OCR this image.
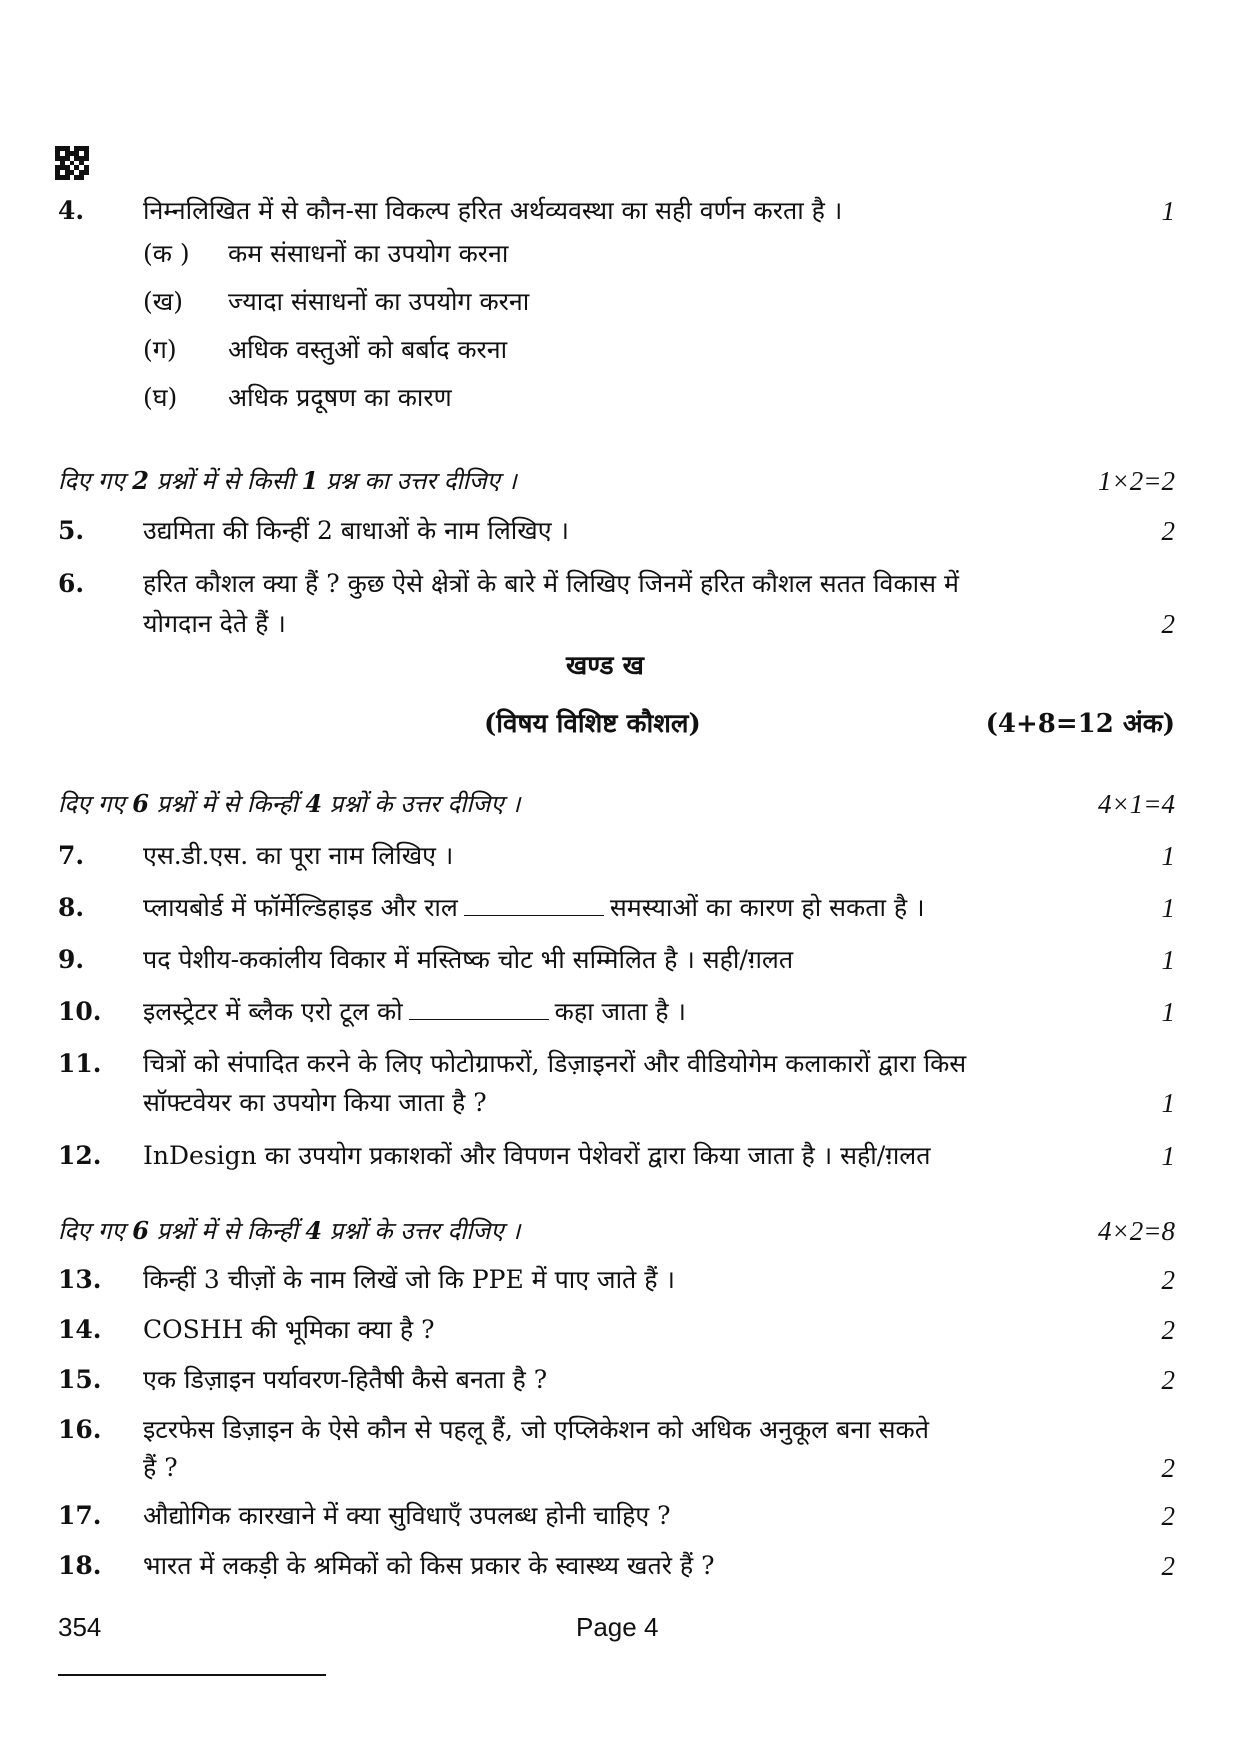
4. निम्नलिखित में से कौन-सा विकल्प हरित अर्थव्यवस्था का सही वर्णन करता है ।	1
(क ) कम संसाधनों का उपयोग करना
(ख) ज्यादा संसाधनों का उपयोग करना
(ग) अधिक वस्तुओं को बर्बाद करना
(घ) अधिक प्रदूषण का कारण
दिए गए 2 प्रश्नों में से किसी 1 प्रश्न का उत्तर दीजिए ।	1×2=2
5. उद्यमिता की किन्हीं 2 बाधाओं के नाम लिखिए ।	2
6. हरित कौशल क्या हैं ? कुछ ऐसे क्षेत्रों के बारे में लिखिए जिनमें हरित कौशल सतत विकास में
योगदान देते हैं ।	2
खण्ड ख
(विषय विशिष्ट कौशल)	(4+8=12 अंक)
दिए गए 6 प्रश्नों में से किन्हीं 4 प्रश्नों के उत्तर दीजिए ।	4×1=4
7. एस.डी.एस. का पूरा नाम लिखिए ।	1
8. प्लायबोर्ड में फॉर्मेल्डिहाइड और राल	समस्याओं का कारण हो सकता है ।	1
9. पद पेशीय-ककांलीय विकार में मस्तिष्क चोट भी सम्मिलित है । सही/ग़लत	1
10. इलस्ट्रेटर में ब्लैक एरो टूल को	कहा जाता है ।	1
11. चित्रों को संपादित करने के लिए फोटोग्राफरों, डिज़ाइनरों और वीडियोगेम कलाकारों द्वारा किस
सॉफ्टवेयर का उपयोग किया जाता है ?	1
12. InDesign का उपयोग प्रकाशकों और विपणन पेशेवरों द्वारा किया जाता है । सही/ग़लत	1
दिए गए 6 प्रश्नों में से किन्हीं 4 प्रश्नों के उत्तर दीजिए ।	4×2=8
13. किन्हीं 3 चीज़ों के नाम लिखें जो कि PPE में पाए जाते हैं ।	2
14. COSHH की भूमिका क्या है ?	2
15. एक डिज़ाइन पर्यावरण-हितैषी कैसे बनता है ?	2
16. इटरफेस डिज़ाइन के ऐसे कौन से पहलू हैं, जो एप्लिकेशन को अधिक अनुकूल बना सकते
हैं ?	2
17. औद्योगिक कारखाने में क्या सुविधाएँ उपलब्ध होनी चाहिए ?	2
18. भारत में लकड़ी के श्रमिकों को किस प्रकार के स्वास्थ्य खतरे हैं ?	2
354	Page 4
